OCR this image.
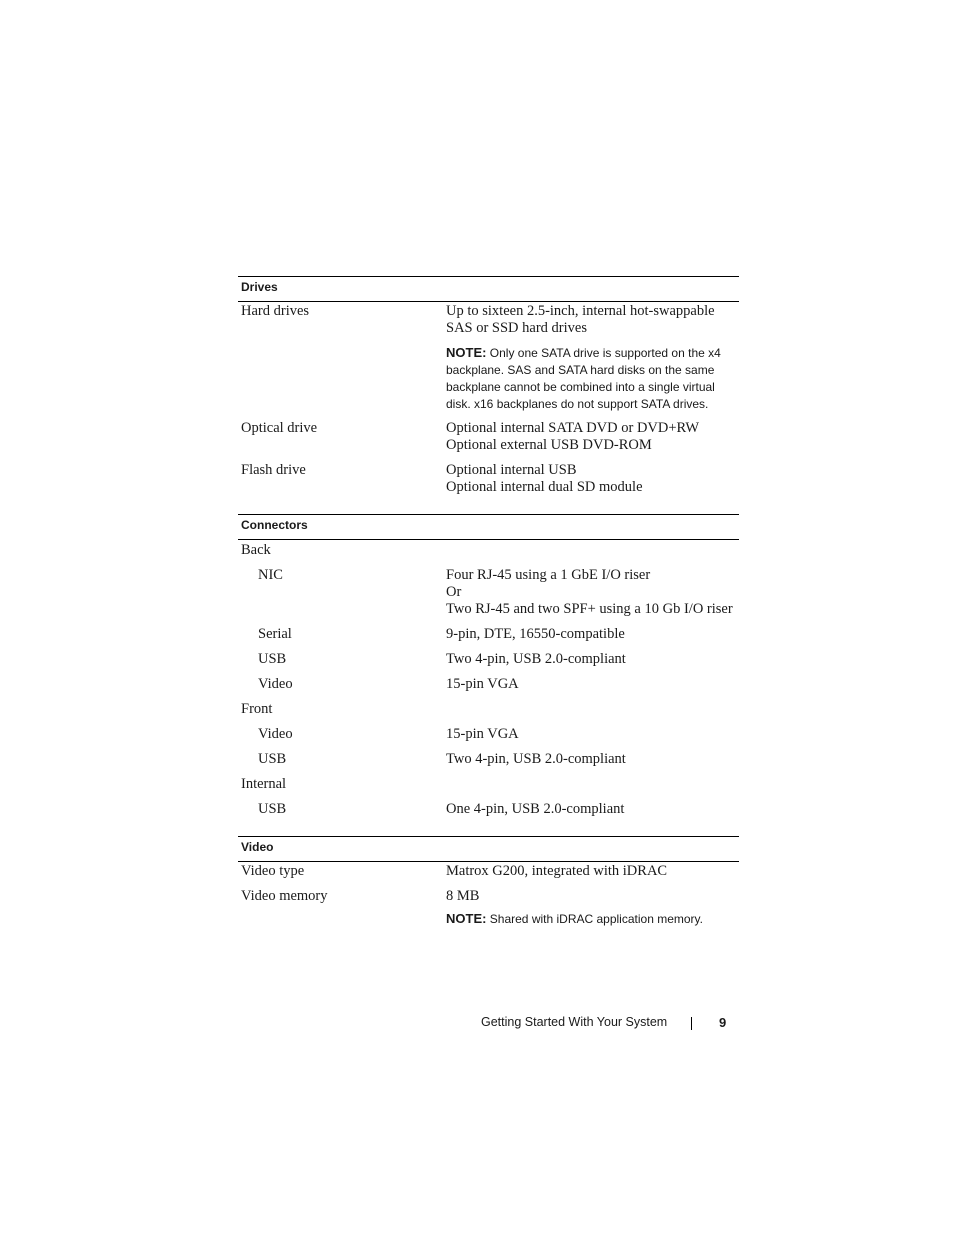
Drives
Hard drives	Up to sixteen 2.5-inch, internal hot-swappable
SAS or SSD hard drives
NOTE: Only one SATA drive is supported on the x4
backplane. SAS and SATA hard disks on the same
backplane cannot be combined into a single virtual
disk. x16 backplanes do not support SATA drives.
Optical drive	Optional internal SATA DVD or DVD+RW
Optional external USB DVD-ROM
Flash drive	Optional internal USB
Optional internal dual SD module
Connectors
Back
NIC	Four RJ-45 using a 1 GbE I/O riser
Or
Two RJ-45 and two SPF+ using a 10 Gb I/O riser
Serial	9-pin, DTE, 16550-compatible
USB	Two 4-pin, USB 2.0-compliant
Video	15-pin VGA
Front
Video	15-pin VGA
USB	Two 4-pin, USB 2.0-compliant
Internal
USB	One 4-pin, USB 2.0-compliant
Video
Video type	Matrox G200, integrated with iDRAC
Video memory	8 MB
NOTE: Shared with iDRAC application memory.
Getting Started With Your System	9
